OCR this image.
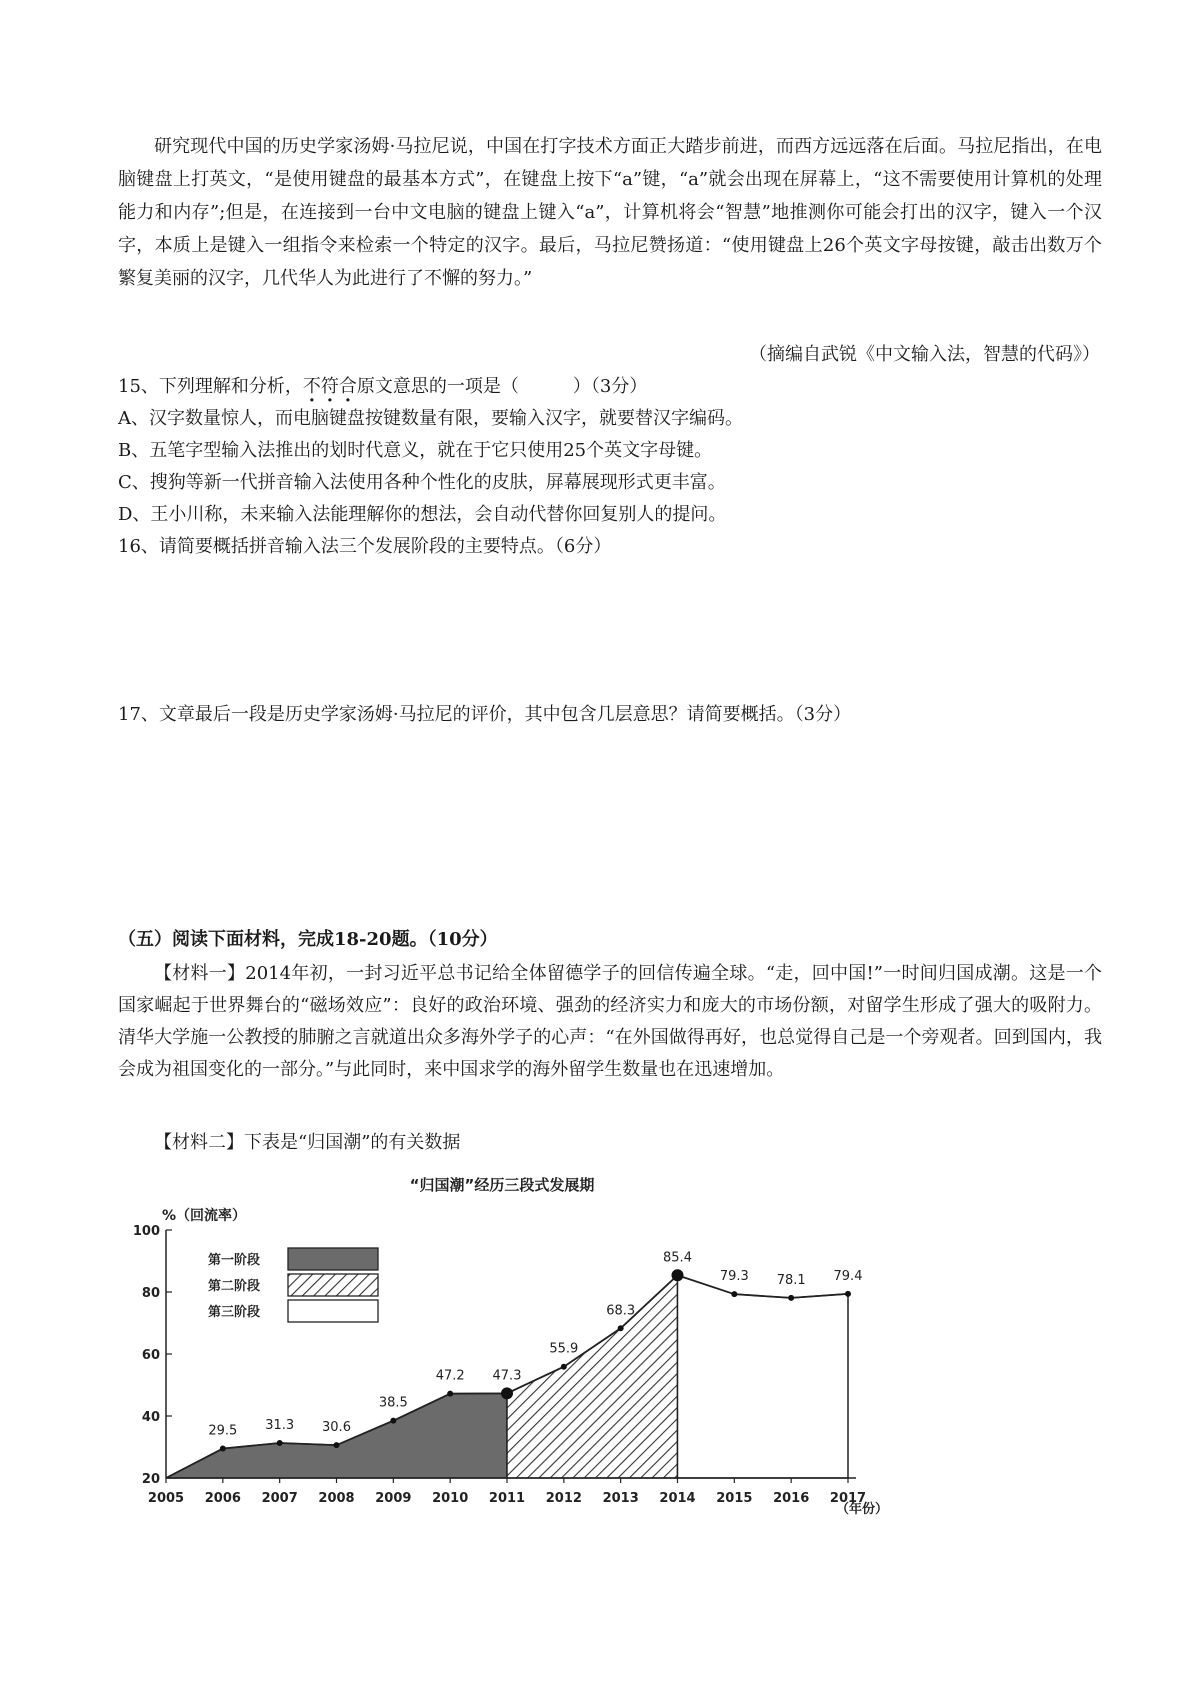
研究现代中国的历史学家汤姆·马拉尼说，中国在打字技术方面正大踏步前进，而西方远远落在后面。马拉尼指出，在电脑键盘上打英文，“是使用键盘的最基本方式”，在键盘上按下“a”键，“a”就会出现在屏幕上，“这不需要使用计算机的处理能力和内存”;但是，在连接到一台中文电脑的键盘上键入“a”，计算机将会“智慧”地推测你可能会打出的汉字，键入一个汉字，本质上是键入一组指令来检索一个特定的汉字。最后，马拉尼赞扬道：“使用键盘上26个英文字母按键，敲击出数万个繁复美丽的汉字，几代华人为此进行了不懈的努力。”

（摘编自武锐《中文输入法，智慧的代码》）
15、下列理解和分析，不符合原文意思的一项是（　　　）（3分）
A、汉字数量惊人，而电脑键盘按键数量有限，要输入汉字，就要替汉字编码。
B、五笔字型输入法推出的划时代意义，就在于它只使用25个英文字母键。
C、搜狗等新一代拼音输入法使用各种个性化的皮肤，屏幕展现形式更丰富。
D、王小川称，未来输入法能理解你的想法，会自动代替你回复别人的提问。
16、请简要概括拼音输入法三个发展阶段的主要特点。（6分）
17、文章最后一段是历史学家汤姆·马拉尼的评价，其中包含几层意思？请简要概括。（3分）
（五）阅读下面材料，完成18-20题。（10分）

【材料一】2014年初，一封习近平总书记给全体留德学子的回信传遍全球。“走，回中国!”一时间归国成潮。这是一个国家崛起于世界舞台的“磁场效应”：良好的政治环境、强劲的经济实力和庞大的市场份额，对留学生形成了强大的吸附力。清华大学施一公教授的肺腑之言就道出众多海外学子的心声：“在外国做得再好，也总觉得自己是一个旁观者。回到国内，我会成为祖国变化的一部分。”与此同时，来中国求学的海外留学生数量也在迅速增加。

【材料二】下表是“归国潮”的有关数据
“归国潮”经历三段式发展期
%（回流率）
（年份）
100
80
60
40
20
2005 2006 2007 2008 2009 2010 2011 2012 2013 2014 2015 2016 2017
29.5 31.3 30.6
38.5
47.2 47.3
55.9
68.3
85.4
79.3 78.1 79.4
第一阶段
第二阶段
第三阶段
